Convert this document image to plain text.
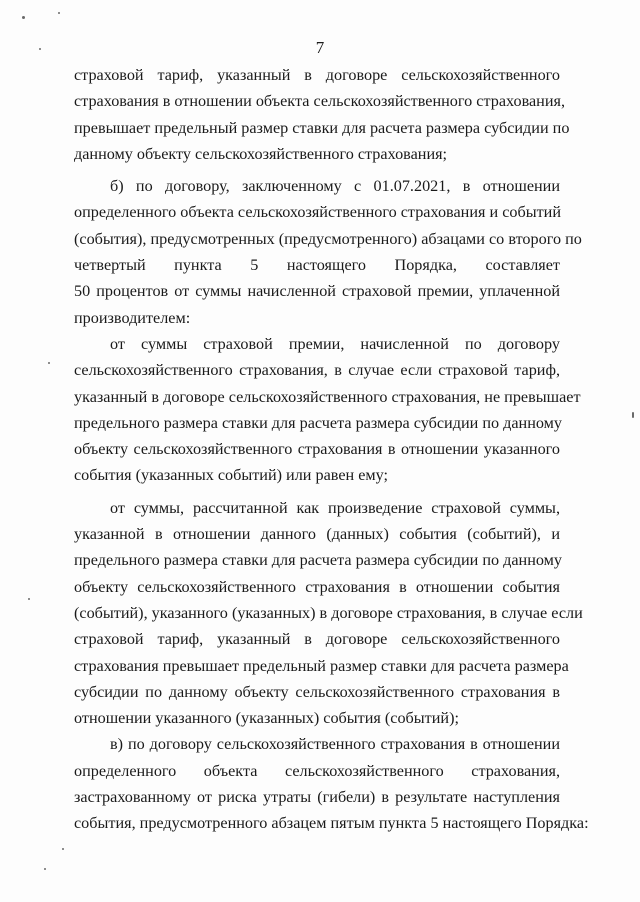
7
страховой тариф, указанный в договоре сельскохозяйственного
страхования в отношении объекта сельскохозяйственного страхования,
превышает предельный размер ставки для расчета размера субсидии по
данному объекту сельскохозяйственного страхования;
б) по договору, заключенному с 01.07.2021, в отношении
определенного объекта сельскохозяйственного страхования и событий
(события), предусмотренных (предусмотренного) абзацами со второго по
четвертый пункта 5 настоящего Порядка, составляет
50 процентов от суммы начисленной страховой премии, уплаченной
производителем:
от суммы страховой премии, начисленной по договору
сельскохозяйственного страхования, в случае если страховой тариф,
указанный в договоре сельскохозяйственного страхования, не превышает
предельного размера ставки для расчета размера субсидии по данному
объекту сельскохозяйственного страхования в отношении указанного
события (указанных событий) или равен ему;
от суммы, рассчитанной как произведение страховой суммы,
указанной в отношении данного (данных) события (событий), и
предельного размера ставки для расчета размера субсидии по данному
объекту сельскохозяйственного страхования в отношении события
(событий), указанного (указанных) в договоре страхования, в случае если
страховой тариф, указанный в договоре сельскохозяйственного
страхования превышает предельный размер ставки для расчета размера
субсидии по данному объекту сельскохозяйственного страхования в
отношении указанного (указанных) события (событий);
в) по договору сельскохозяйственного страхования в отношении
определенного объекта сельскохозяйственного страхования,
застрахованному от риска утраты (гибели) в результате наступления
события, предусмотренного абзацем пятым пункта 5 настоящего Порядка:
